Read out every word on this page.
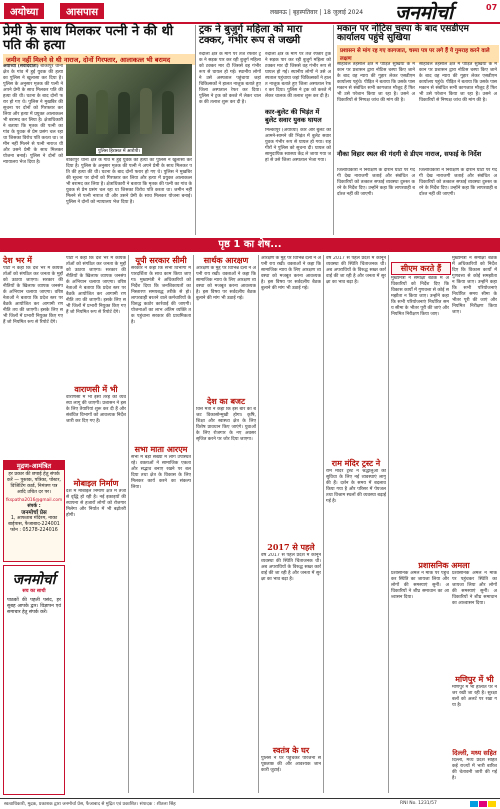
अयोध्या	आसपास	लखनऊ | बृहस्पतिवार | 18 जुलाई 2024 जनमोर्चा	07
प्रेमी के साथ मिलकर पत्नी ने की थी पति की हत्या
जमीन नहीं मिलने से थी नाराज, दोनों गिरफ्तार, आलाकत्ल भी बरामद
अयोध्या (संवाददाता) बीकापुर थाना क्षेत्र के गांव में हुई युवक की हत्या का पुलिस ने खुलासा कर दिया है। पुलिस के अनुसार मृतक की पत्नी ने अपने प्रेमी के साथ मिलकर पति की हत्या की थी। घटना के बाद दोनों फरार हो गए थे। पुलिस ने मुखबिर की सूचना पर दोनों को गिरफ्तार कर लिया और हत्या में प्रयुक्त आलाकत्ल भी बरामद कर लिया है। क्षेत्राधिकारी ने बताया कि मृतक की पत्नी का गांव के युवक से प्रेम प्रसंग चल रहा था जिसका विरोध पति करता था। जमीन नहीं मिलने से पत्नी नाराज थी और उसने प्रेमी के साथ मिलकर योजना बनाई। पुलिस ने दोनों को न्यायालय भेज दिया है।
पुलिस हिरासत में आरोपी।
बीकापुर थाना क्षेत्र के गांव में हुई युवक की हत्या का पुलिस ने खुलासा कर दिया है। पुलिस के अनुसार मृतक की पत्नी ने अपने प्रेमी के साथ मिलकर पति की हत्या की थी। घटना के बाद दोनों फरार हो गए थे। पुलिस ने मुखबिर की सूचना पर दोनों को गिरफ्तार कर लिया और हत्या में प्रयुक्त आलाकत्ल भी बरामद कर लिया है। क्षेत्राधिकारी ने बताया कि मृतक की पत्नी का गांव के युवक से प्रेम प्रसंग चल रहा था जिसका विरोध पति करता था। जमीन नहीं मिलने से पत्नी नाराज थी और उसने प्रेमी के साथ मिलकर योजना बनाई। पुलिस ने दोनों को न्यायालय भेज दिया है।
ट्रक ने बुजुर्ग महिला को मारा टक्कर, गंभीर रूप से जख्मी
रुदौली क्षेत्र के मार्ग पर तेज रफ्तार ट्रक ने सड़क पार कर रही बुजुर्ग महिला को टक्कर मार दी जिससे वह गंभीर रूप से घायल हो गई। स्थानीय लोगों ने उसे अस्पताल पहुंचाया जहां चिकित्सकों ने हालत नाजुक बताते हुए जिला अस्पताल रेफर कर दिया। पुलिस ने ट्रक को कब्जे में लेकर चालक की तलाश शुरू कर दी है।
रुदौली क्षेत्र के मार्ग पर तेज रफ्तार ट्रक ने सड़क पार कर रही बुजुर्ग महिला को टक्कर मार दी जिससे वह गंभीर रूप से घायल हो गई। स्थानीय लोगों ने उसे अस्पताल पहुंचाया जहां चिकित्सकों ने हालत नाजुक बताते हुए जिला अस्पताल रेफर कर दिया। पुलिस ने ट्रक को कब्जे में लेकर चालक की तलाश शुरू कर दी है।
कार-बुलेट की भिड़ंत में बुलेट सवार युवक घायल
मिल्कीपुर (अयोध्या) कार और बुलेट की आमने-सामने की भिड़ंत में बुलेट सवार युवक गंभीर रूप से घायल हो गया। राहगीरों ने पुलिस को सूचना दी। घायल को सामुदायिक स्वास्थ्य केंद्र ले जाया गया जहां से उसे जिला अस्पताल भेजा गया।
मकान पर नोटिस चस्पा के बाद एसडीएम कार्यालय पहुंचे सुखिया
प्रशासन से मांग रह गए कागजात, चस्पा पत्र पर लगे हैं ये गुमराह करने वाले लक्षण
सोहावल तहसील क्षेत्र में पीड़ित सुखिया के मकान पर प्रशासन द्वारा नोटिस चस्पा किए जाने के बाद वह न्याय की गुहार लेकर एसडीएम कार्यालय पहुंचे। पीड़ित ने बताया कि उसके पास मकान से संबंधित सभी कागजात मौजूद हैं फिर भी उसे परेशान किया जा रहा है। उसने अधिकारियों से निष्पक्ष जांच की मांग की है।
सोहावल तहसील क्षेत्र में पीड़ित सुखिया के मकान पर प्रशासन द्वारा नोटिस चस्पा किए जाने के बाद वह न्याय की गुहार लेकर एसडीएम कार्यालय पहुंचे। पीड़ित ने बताया कि उसके पास मकान से संबंधित सभी कागजात मौजूद हैं फिर भी उसे परेशान किया जा रहा है। उसने अधिकारियों से निष्पक्ष जांच की मांग की है।
नौका विहार स्थल की गंदगी से डीएम नाराज, सफाई के निर्देश
जिलाधिकारी ने निरीक्षण के दौरान घाटों पर गंदगी देख नाराजगी जताई और संबंधित अधिकारियों को तत्काल सफाई व्यवस्था दुरुस्त करने के निर्देश दिए। उन्होंने कहा कि लापरवाही बर्दाश्त नहीं की जाएगी।
जिलाधिकारी ने निरीक्षण के दौरान घाटों पर गंदगी देख नाराजगी जताई और संबंधित अधिकारियों को तत्काल सफाई व्यवस्था दुरुस्त करने के निर्देश दिए। उन्होंने कहा कि लापरवाही बर्दाश्त नहीं की जाएगी।
पृष्ठ 1 का शेष...
देश भर में
पार्टी ने कहा कि देश भर में कार्यकर्ताओं को संगठित कर जनता के मुद्दों को उठाया जाएगा। सरकार की नीतियों के खिलाफ व्यापक जनसंपर्क अभियान चलाया जाएगा। वरिष्ठ नेताओं ने बताया कि प्रदेश स्तर पर बैठकें आयोजित कर आगामी रणनीति तय की जाएगी। इसके लिए सभी जिलों में प्रभारी नियुक्त किए गए हैं जो नियमित रूप से रिपोर्ट देंगे।
पार्टी ने कहा कि देश भर में कार्यकर्ताओं को संगठित कर जनता के मुद्दों को उठाया जाएगा। सरकार की नीतियों के खिलाफ व्यापक जनसंपर्क अभियान चलाया जाएगा। वरिष्ठ नेताओं ने बताया कि प्रदेश स्तर पर बैठकें आयोजित कर आगामी रणनीति तय की जाएगी। इसके लिए सभी जिलों में प्रभारी नियुक्त किए गए हैं जो नियमित रूप से रिपोर्ट देंगे।
वाराणसी में भी
वाराणसी में भी इसी तरह की व्यवस्था लागू की जाएगी। प्रशासन ने इसके लिए तैयारियां शुरू कर दी हैं और संबंधित विभागों को आवश्यक निर्देश जारी कर दिए गए हैं।
मुद्रण-आमंत्रित
हर प्रकार की छपाई हेतु संपर्क करें — पुस्तक, पत्रिका, पोस्टर, विजिटिंग कार्ड, निमंत्रण पत्र आदि उचित दर पर।
fkspatha2016@gmail.com
संपर्क :
जनमोर्चा प्रेस
1, आफताब मंदिरम, नाका बाईपास, फैजाबाद-224001
फोन : 05278-224016
जनमोर्चा
सच का साथी
पाठकों की पहली पसंद, हर सुबह आपके द्वार। विज्ञापन एवं समाचार हेतु संपर्क करें।
मोबाइल निर्माण
देश में मोबाइल निर्माण क्षेत्र में तेजी से वृद्धि हो रही है। नई इकाइयों की स्थापना से हजारों लोगों को रोजगार मिलेगा और निर्यात में भी बढ़ोतरी होगी।
यूपी सरकार सीमी
सरकार ने कहा कि सभी विभागों में पारदर्शिता के साथ काम किया जाएगा। मुख्यमंत्री ने अधिकारियों को निर्देश दिया कि जनशिकायतों का निस्तारण समयबद्ध तरीके से हो। लापरवाही बरतने वाले कर्मचारियों के विरुद्ध कठोर कार्रवाई की जाएगी। योजनाओं का लाभ अंतिम व्यक्ति तक पहुंचाना सरकार की प्राथमिकता है।
सभा माता आरएम
सभा में बड़ी संख्या में लोग उपस्थित रहे। वक्ताओं ने सामाजिक एकता और सद्भाव बनाए रखने पर बल दिया तथा क्षेत्र के विकास के लिए मिलकर कार्य करने का संकल्प लिया।
सार्थक आरक्षण
आरक्षण के मुद्दे पर विभिन्न दलों ने अपनी राय रखी। वक्ताओं ने कहा कि सामाजिक न्याय के लिए आरक्षण व्यवस्था को मजबूत करना आवश्यक है। इस विषय पर सर्वदलीय बैठक बुलाने की मांग भी उठाई गई।
देश का बजट
वित्त मंत्री ने कहा कि इस बार का बजट विकासोन्मुखी होगा। कृषि, शिक्षा और स्वास्थ्य क्षेत्र के लिए विशेष प्रावधान किए जाएंगे। युवाओं के लिए रोजगार के नए अवसर सृजित करने पर जोर दिया जाएगा।
आरक्षण के मुद्दे पर विभिन्न दलों ने अपनी राय रखी। वक्ताओं ने कहा कि सामाजिक न्याय के लिए आरक्षण व्यवस्था को मजबूत करना आवश्यक है। इस विषय पर सर्वदलीय बैठक बुलाने की मांग भी उठाई गई।
2017 से पहले
वर्ष 2017 से पहले प्रदेश में कानून व्यवस्था की स्थिति चिंताजनक थी। अब अपराधियों के विरुद्ध सख्त कार्रवाई की जा रही है और जनता में सुरक्षा का भाव बढ़ा है।
स्वतंत्र के घर
पुलिस ने घर पहुंचकर परिजनों से पूछताछ की और आवश्यक जानकारी जुटाई।
वर्ष 2017 से पहले प्रदेश में कानून व्यवस्था की स्थिति चिंताजनक थी। अब अपराधियों के विरुद्ध सख्त कार्रवाई की जा रही है और जनता में सुरक्षा का भाव बढ़ा है।
राम मंदिर ट्रस्ट ने
राम मंदिर ट्रस्ट ने श्रद्धालुओं की सुविधा के लिए नई व्यवस्थाएं लागू की हैं। दर्शन के समय में बदलाव किया गया है और परिसर में पेयजल तथा विश्राम स्थलों की व्यवस्था बढ़ाई गई है।
सीएम करते हैं
मुख्यमंत्री ने समीक्षा बैठक में अधिकारियों को निर्देश दिए कि विकास कार्यों में गुणवत्ता से कोई समझौता न किया जाए। उन्होंने कहा कि सभी परियोजनाएं निर्धारित समय सीमा के भीतर पूरी की जाएं और नियमित निरीक्षण किया जाए।
प्रशासनिक अमला
प्रशासनिक अमले ने मौके पर पहुंचकर स्थिति का जायजा लिया और लोगों की समस्याएं सुनीं। अधिकारियों ने शीघ्र समाधान का आश्वासन दिया।
मुख्यमंत्री ने समीक्षा बैठक में अधिकारियों को निर्देश दिए कि विकास कार्यों में गुणवत्ता से कोई समझौता न किया जाए। उन्होंने कहा कि सभी परियोजनाएं निर्धारित समय सीमा के भीतर पूरी की जाएं और नियमित निरीक्षण किया जाए।
प्रशासनिक अमले ने मौके पर पहुंचकर स्थिति का जायजा लिया और लोगों की समस्याएं सुनीं। अधिकारियों ने शीघ्र समाधान का आश्वासन दिया।
मणिपुर में भी
मणिपुर में भी हालात पर नजर रखी जा रही है। सुरक्षा बलों को अलर्ट पर रखा गया है।
दिल्ली, मध्य सहित
दिल्ली, मध्य प्रदेश सहित कई राज्यों में भारी बारिश की चेतावनी जारी की गई है।
स्वत्वाधिकारी, मुद्रक, प्रकाशक द्वारा जनमोर्चा प्रेस, फैजाबाद से मुद्रित एवं प्रकाशित। संपादक : शीतला सिंह	RNI No. 1231/57
